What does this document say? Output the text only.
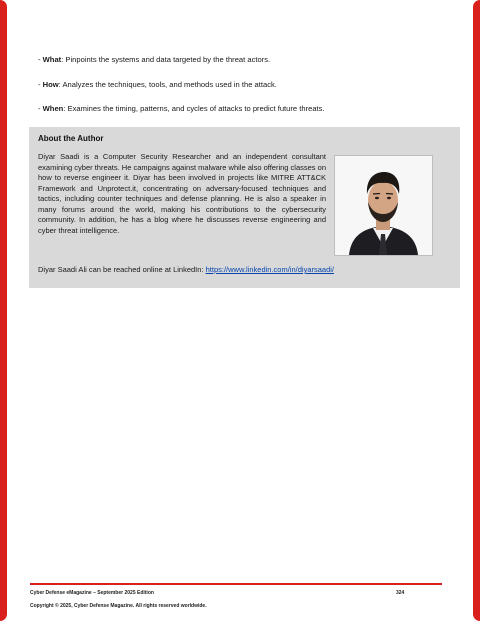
- What: Pinpoints the systems and data targeted by the threat actors.
- How: Analyzes the techniques, tools, and methods used in the attack.
- When: Examines the timing, patterns, and cycles of attacks to predict future threats.
About the Author
Diyar Saadi is a Computer Security Researcher and an independent consultant examining cyber threats. He campaigns against malware while also offering classes on how to reverse engineer it. Diyar has been involved in projects like MITRE ATT&CK Framework and Unprotect.it, concentrating on adversary-focused techniques and tactics, including counter techniques and defense planning. He is also a speaker in many forums around the world, making his contributions to the cybersecurity community. In addition, he has a blog where he discusses reverse engineering and cyber threat intelligence.
Diyar Saadi Ali can be reached online at LinkedIn: https://www.linkedin.com/in/diyarsaadi/
Cyber Defense eMagazine – September 2025 Edition	324
Copyright © 2025, Cyber Defense Magazine. All rights reserved worldwide.
